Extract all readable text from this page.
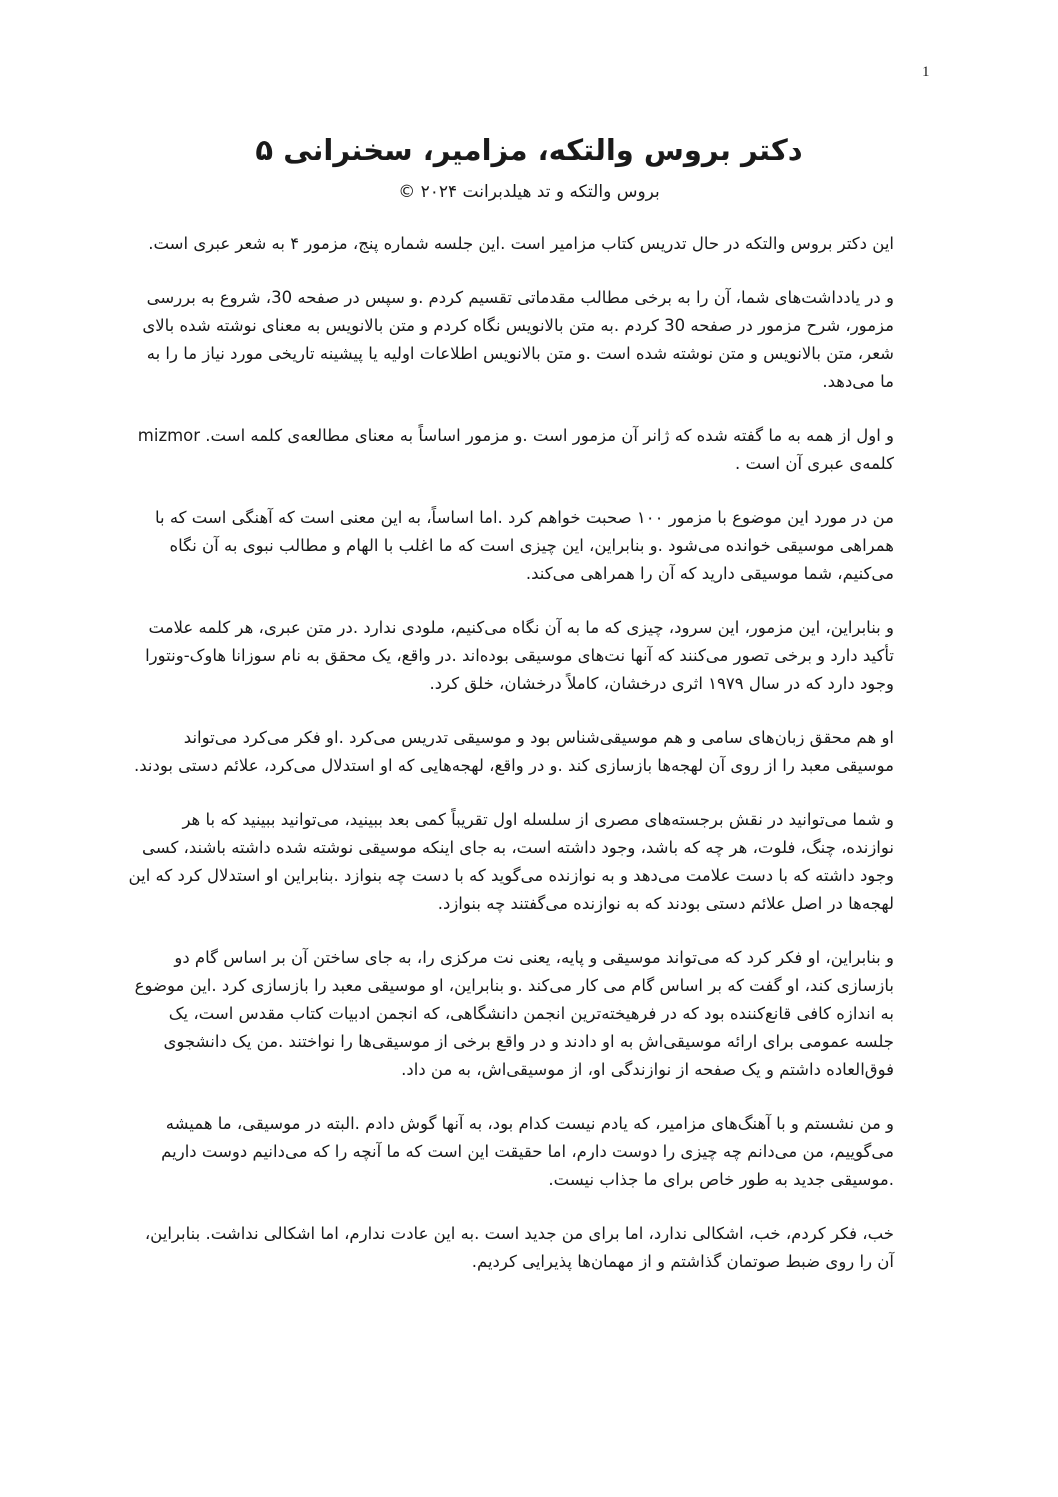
1
دکتر بروس والتکه، مزامیر، سخنرانی ۵
بروس والتکه و تد هیلدبرانت ۲۰۲۴ ©

این دکتر بروس والتکه در حال تدریس کتاب مزامیر است .این جلسه شماره پنج، مزمور ۴ به شعر عبری است.

و در یادداشت‌های شما، آن را به برخی مطالب مقدماتی تقسیم کردم .و سپس در صفحه 30، شروع به بررسی مزمور، شرح مزمور در صفحه 30 کردم .به متن بالانویس نگاه کردم و متن بالانویس به معنای نوشته شده بالای شعر، متن بالانویس و متن نوشته شده است .و متن بالانویس اطلاعات اولیه یا پیشینه تاریخی مورد نیاز ما را به ما می‌دهد.

و اول از همه به ما گفته شده که ژانر آن مزمور است .و مزمور اساساً به معنای مطالعه‌ی کلمه است. mizmor کلمه‌ی عبری آن است .

من در مورد این موضوع با مزمور ۱۰۰ صحبت خواهم کرد .اما اساساً، به این معنی است که آهنگی است که با همراهی موسیقی خوانده می‌شود .و بنابراین، این چیزی است که ما اغلب با الهام و مطالب نبوی به آن نگاه می‌کنیم، شما موسیقی دارید که آن را همراهی می‌کند.

و بنابراین، این مزمور، این سرود، چیزی که ما به آن نگاه می‌کنیم، ملودی ندارد .در متن عبری، هر کلمه علامت تأکید دارد و برخی تصور می‌کنند که آنها نت‌های موسیقی بوده‌اند .در واقع، یک محقق به نام سوزانا هاوک-ونتورا وجود دارد که در سال ۱۹۷۹ اثری درخشان، کاملاً درخشان، خلق کرد.

او هم محقق زبان‌های سامی و هم موسیقی‌شناس بود و موسیقی تدریس می‌کرد .او فکر می‌کرد می‌تواند موسیقی معبد را از روی آن لهجه‌ها بازسازی کند .و در واقع، لهجه‌هایی که او استدلال می‌کرد، علائم دستی بودند.

و شما می‌توانید در نقش برجسته‌های مصری از سلسله اول تقریباً کمی بعد ببینید، می‌توانید ببینید که با هر نوازنده، چنگ، فلوت، هر چه که باشد، وجود داشته است، به جای اینکه موسیقی نوشته شده داشته باشند، کسی وجود داشته که با دست علامت می‌دهد و به نوازنده می‌گوید که با دست چه بنوازد .بنابراین او استدلال کرد که این لهجه‌ها در اصل علائم دستی بودند که به نوازنده می‌گفتند چه بنوازد.

و بنابراین، او فکر کرد که می‌تواند موسیقی و پایه، یعنی نت مرکزی را، به جای ساختن آن بر اساس گام دو بازسازی کند، او گفت که بر اساس گام می کار می‌کند .و بنابراین، او موسیقی معبد را بازسازی کرد .این موضوع به اندازه کافی قانع‌کننده بود که در فرهیخته‌ترین انجمن دانشگاهی، که انجمن ادبیات کتاب مقدس است، یک جلسه عمومی برای ارائه موسیقی‌اش به او دادند و در واقع برخی از موسیقی‌ها را نواختند .من یک دانشجوی فوق‌العاده داشتم و یک صفحه از نوازندگی او، از موسیقی‌اش، به من داد.

و من نشستم و با آهنگ‌های مزامیر، که یادم نیست کدام بود، به آنها گوش دادم .البته در موسیقی، ما همیشه می‌گوییم، من می‌دانم چه چیزی را دوست دارم، اما حقیقت این است که ما آنچه را که می‌دانیم دوست داریم .موسیقی جدید به طور خاص برای ما جذاب نیست.

خب، فکر کردم، خب، اشکالی ندارد، اما برای من جدید است .به این عادت ندارم، اما اشکالی نداشت. بنابراین، آن را روی ضبط صوتمان گذاشتم و از مهمان‌ها پذیرایی کردیم.
